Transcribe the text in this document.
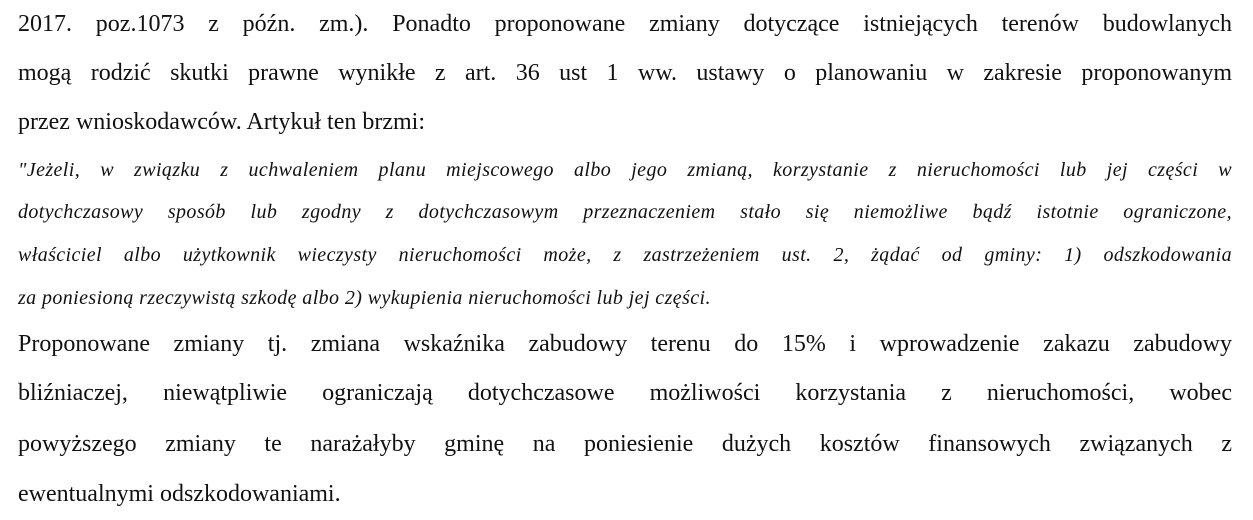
2017. poz.1073 z późn. zm.). Ponadto proponowane zmiany dotyczące istniejących terenów budowlanych
mogą rodzić skutki prawne wynikłe z art. 36 ust 1 ww. ustawy o planowaniu w zakresie proponowanym
przez wnioskodawców. Artykuł ten brzmi:
"Jeżeli, w związku z uchwaleniem planu miejscowego albo jego zmianą, korzystanie z nieruchomości lub jej części w
dotychczasowy sposób lub zgodny z dotychczasowym przeznaczeniem stało się niemożliwe bądź istotnie ograniczone,
właściciel albo użytkownik wieczysty nieruchomości może, z zastrzeżeniem ust. 2, żądać od gminy: 1) odszkodowania
za poniesioną rzeczywistą szkodę albo 2) wykupienia nieruchomości lub jej części.
Proponowane zmiany tj. zmiana wskaźnika zabudowy terenu do 15% i wprowadzenie zakazu zabudowy
bliźniaczej, niewątpliwie ograniczają dotychczasowe możliwości korzystania z nieruchomości, wobec
powyższego zmiany te narażałyby gminę na poniesienie dużych kosztów finansowych związanych z
ewentualnymi odszkodowaniami.
